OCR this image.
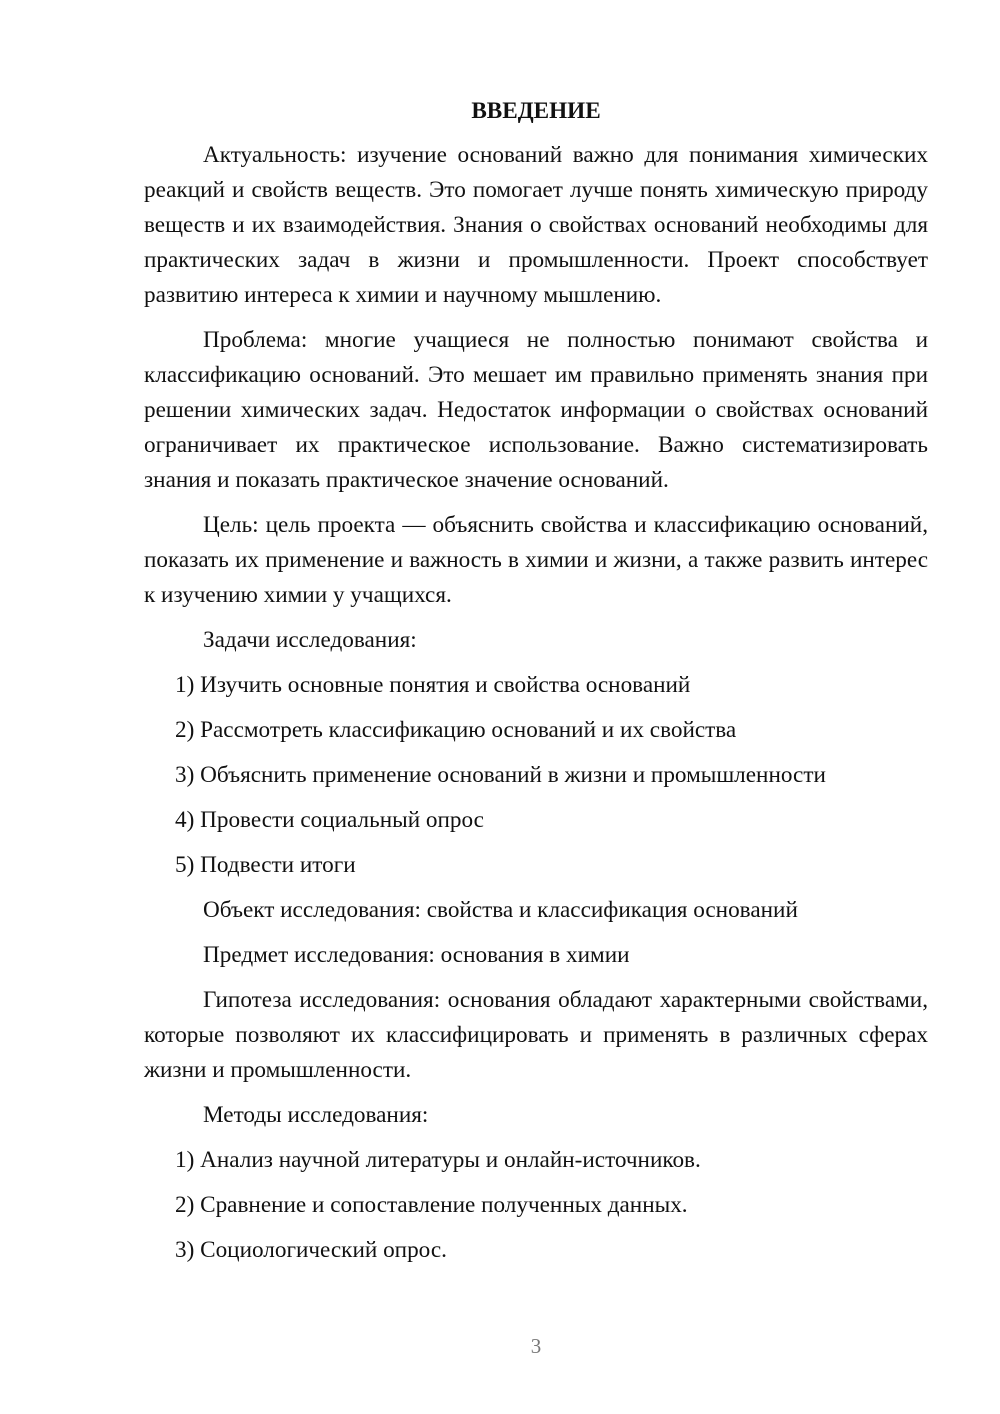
ВВЕДЕНИЕ

Актуальность: изучение оснований важно для понимания химических реакций и свойств веществ. Это помогает лучше понять химическую природу веществ и их взаимодействия. Знания о свойствах оснований необходимы для практических задач в жизни и промышленности. Проект способствует развитию интереса к химии и научному мышлению.

Проблема: многие учащиеся не полностью понимают свойства и классификацию оснований. Это мешает им правильно применять знания при решении химических задач. Недостаток информации о свойствах оснований ограничивает их практическое использование. Важно систематизировать знания и показать практическое значение оснований.

Цель: цель проекта — объяснить свойства и классификацию оснований, показать их применение и важность в химии и жизни, а также развить интерес к изучению химии у учащихся.

Задачи исследования:

1) Изучить основные понятия и свойства оснований

2) Рассмотреть классификацию оснований и их свойства

3) Объяснить применение оснований в жизни и промышленности

4) Провести социальный опрос

5) Подвести итоги

Объект исследования: свойства и классификация оснований

Предмет исследования: основания в химии

Гипотеза исследования: основания обладают характерными свойствами, которые позволяют их классифицировать и применять в различных сферах жизни и промышленности.

Методы исследования:

1) Анализ научной литературы и онлайн-источников.

2) Сравнение и сопоставление полученных данных.

3) Социологический опрос.

3
